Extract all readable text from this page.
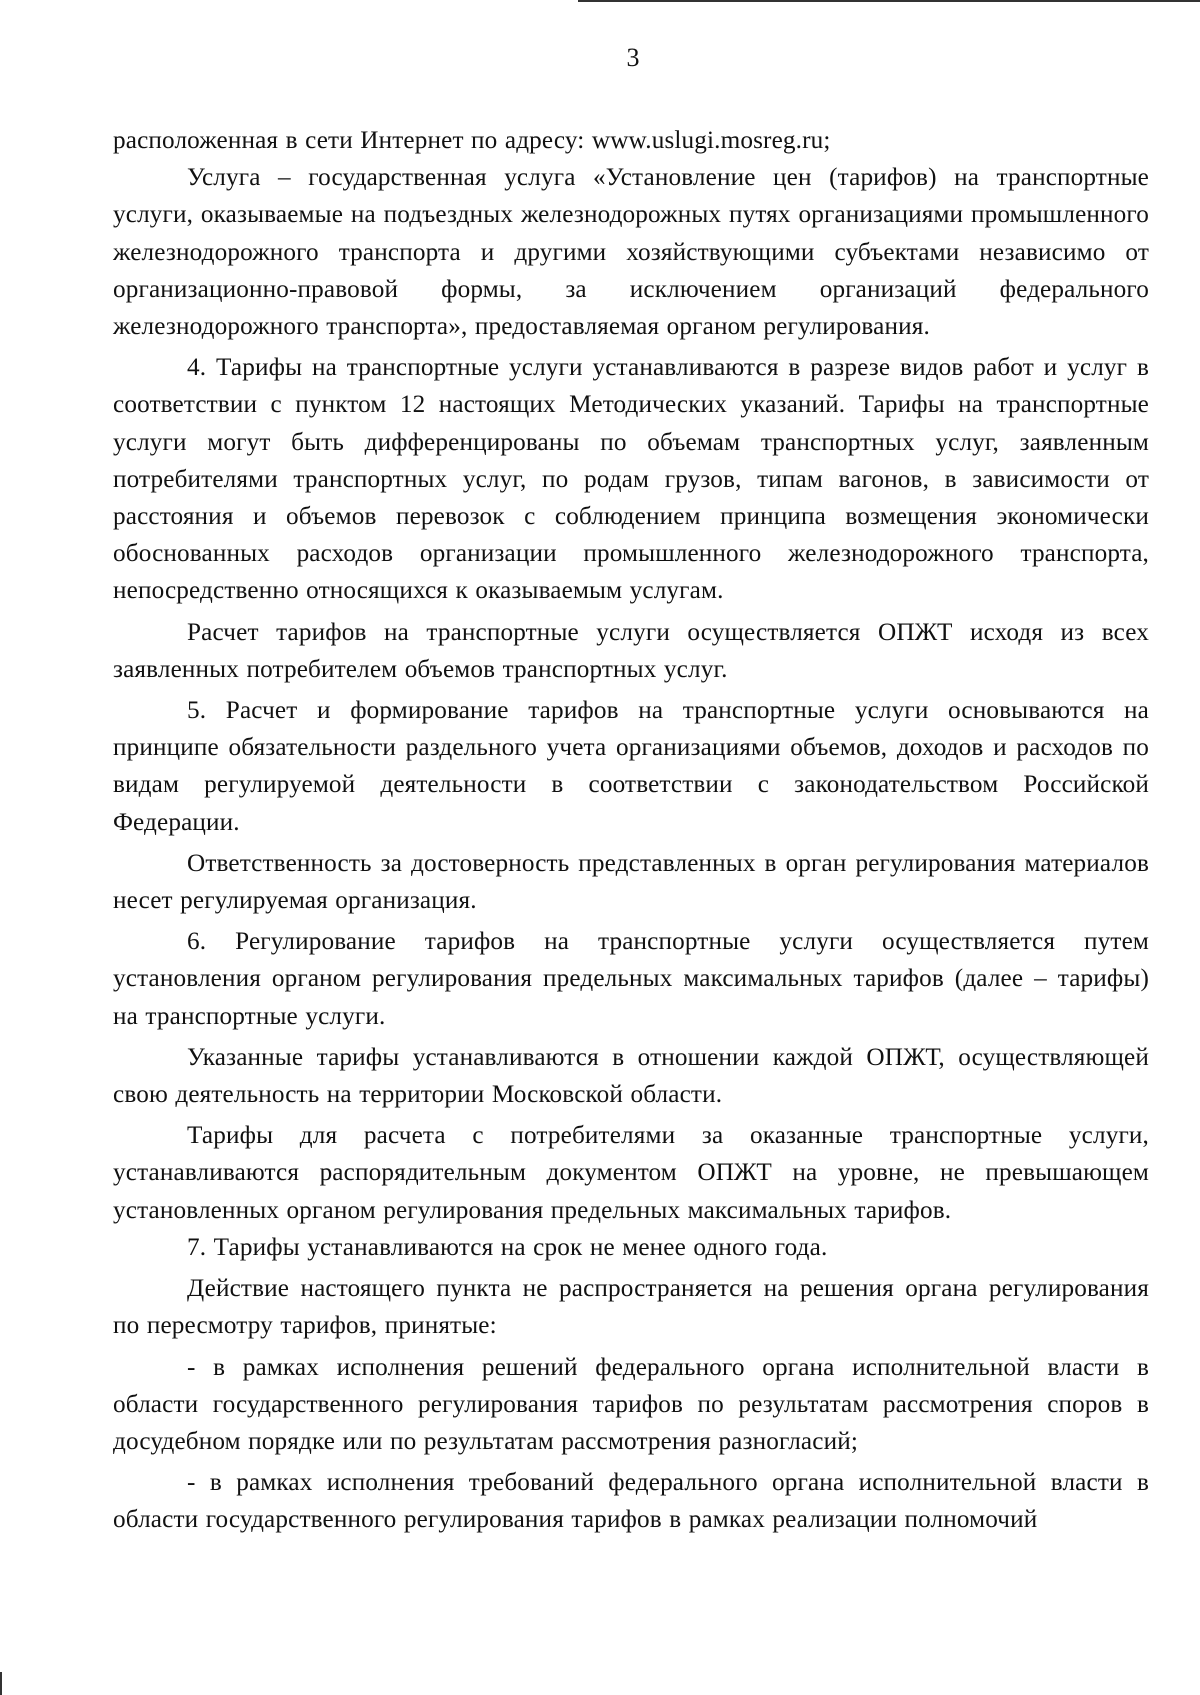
3

расположенная в сети Интернет по адресу: www.uslugi.mosreg.ru;

Услуга – государственная услуга «Установление цен (тарифов) на транспортные услуги, оказываемые на подъездных железнодорожных путях организациями промышленного железнодорожного транспорта и другими хозяйствующими субъектами независимо от организационно-правовой формы, за исключением организаций федерального железнодорожного транспорта», предоставляемая органом регулирования.

4. Тарифы на транспортные услуги устанавливаются в разрезе видов работ и услуг в соответствии с пунктом 12 настоящих Методических указаний. Тарифы на транспортные услуги могут быть дифференцированы по объемам транспортных услуг, заявленным потребителями транспортных услуг, по родам грузов, типам вагонов, в зависимости от расстояния и объемов перевозок с соблюдением принципа возмещения экономически обоснованных расходов организации промышленного железнодорожного транспорта, непосредственно относящихся к оказываемым услугам.

Расчет тарифов на транспортные услуги осуществляется ОПЖТ исходя из всех заявленных потребителем объемов транспортных услуг.

5. Расчет и формирование тарифов на транспортные услуги основываются на принципе обязательности раздельного учета организациями объемов, доходов и расходов по видам регулируемой деятельности в соответствии с законодательством Российской Федерации.

Ответственность за достоверность представленных в орган регулирования материалов несет регулируемая организация.

6. Регулирование тарифов на транспортные услуги осуществляется путем установления органом регулирования предельных максимальных тарифов (далее – тарифы) на транспортные услуги.

Указанные тарифы устанавливаются в отношении каждой ОПЖТ, осуществляющей свою деятельность на территории Московской области.

Тарифы для расчета с потребителями за оказанные транспортные услуги, устанавливаются распорядительным документом ОПЖТ на уровне, не превышающем установленных органом регулирования предельных максимальных тарифов.

7. Тарифы устанавливаются на срок не менее одного года.

Действие настоящего пункта не распространяется на решения органа регулирования по пересмотру тарифов, принятые:

- в рамках исполнения решений федерального органа исполнительной власти в области государственного регулирования тарифов по результатам рассмотрения споров в досудебном порядке или по результатам рассмотрения разногласий;

- в рамках исполнения требований федерального органа исполнительной власти в области государственного регулирования тарифов в рамках реализации полномочий
